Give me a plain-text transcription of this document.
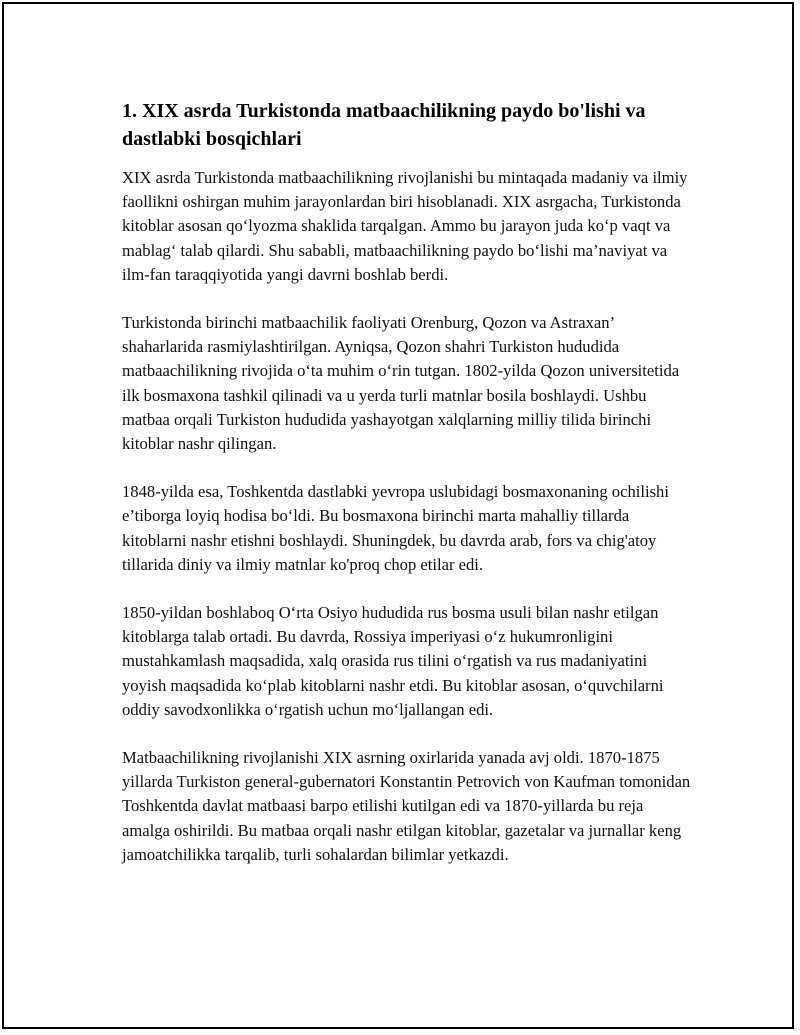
1. XIX asrda Turkistonda matbaachilikning paydo bo'lishi va dastlabki bosqichlari

XIX asrda Turkistonda matbaachilikning rivojlanishi bu mintaqada madaniy va ilmiy faollikni oshirgan muhim jarayonlardan biri hisoblanadi. XIX asrgacha, Turkistonda kitoblar asosan qo‘lyozma shaklida tarqalgan. Ammo bu jarayon juda ko‘p vaqt va mablag‘ talab qilardi. Shu sababli, matbaachilikning paydo bo‘lishi ma’naviyat va ilm-fan taraqqiyotida yangi davrni boshlab berdi.

Turkistonda birinchi matbaachilik faoliyati Orenburg, Qozon va Astraxan’ shaharlarida rasmiylashtirilgan. Ayniqsa, Qozon shahri Turkiston hududida matbaachilikning rivojida o‘ta muhim o‘rin tutgan. 1802-yilda Qozon universitetida ilk bosmaxona tashkil qilinadi va u yerda turli matnlar bosila boshlaydi. Ushbu matbaa orqali Turkiston hududida yashayotgan xalqlarning milliy tilida birinchi kitoblar nashr qilingan.

1848-yilda esa, Toshkentda dastlabki yevropa uslubidagi bosmaxonaning ochilishi e’tiborga loyiq hodisa bo‘ldi. Bu bosmaxona birinchi marta mahalliy tillarda kitoblarni nashr etishni boshlaydi. Shuningdek, bu davrda arab, fors va chig'atoy tillarida diniy va ilmiy matnlar ko'proq chop etilar edi.

1850-yildan boshlaboq O‘rta Osiyo hududida rus bosma usuli bilan nashr etilgan kitoblarga talab ortadi. Bu davrda, Rossiya imperiyasi o‘z hukumronligini mustahkamlash maqsadida, xalq orasida rus tilini o‘rgatish va rus madaniyatini yoyish maqsadida ko‘plab kitoblarni nashr etdi. Bu kitoblar asosan, o‘quvchilarni oddiy savodxonlikka o‘rgatish uchun mo‘ljallangan edi.

Matbaachilikning rivojlanishi XIX asrning oxirlarida yanada avj oldi. 1870-1875 yillarda Turkiston general-gubernatori Konstantin Petrovich von Kaufman tomonidan Toshkentda davlat matbaasi barpo etilishi kutilgan edi va 1870-yillarda bu reja amalga oshirildi. Bu matbaa orqali nashr etilgan kitoblar, gazetalar va jurnallar keng jamoatchilikka tarqalib, turli sohalardan bilimlar yetkazdi.
